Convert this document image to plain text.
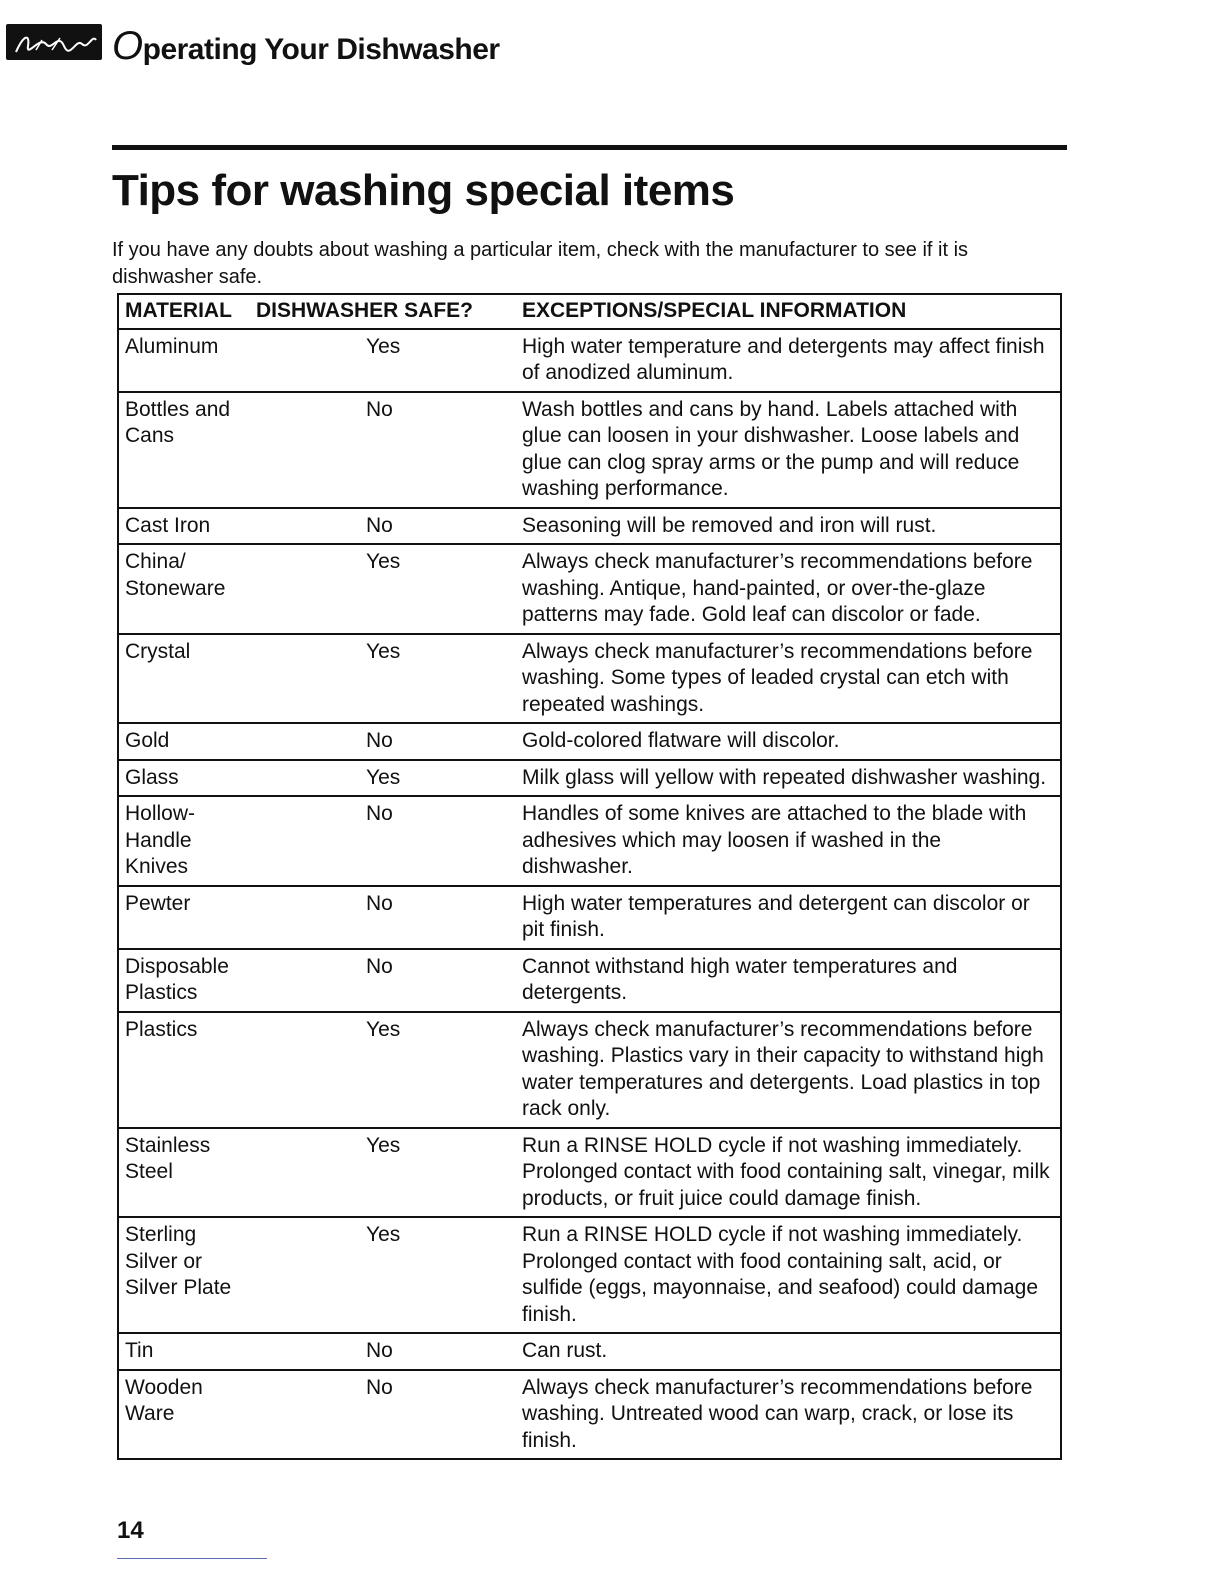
Operating Your Dishwasher
Tips for washing special items

If you have any doubts about washing a particular item, check with the manufacturer to see if it is dishwasher safe.

MATERIAL	DISHWASHER SAFE?	EXCEPTIONS/SPECIAL INFORMATION
Aluminum	Yes	High water temperature and detergents may affect finish of anodized aluminum.
Bottles and
Cans	No	Wash bottles and cans by hand. Labels attached with glue can loosen in your dishwasher. Loose labels and glue can clog spray arms or the pump and will reduce washing performance.
Cast Iron	No	Seasoning will be removed and iron will rust.
China/
Stoneware	Yes	Always check manufacturer’s recommendations before washing. Antique, hand-painted, or over-the-glaze patterns may fade. Gold leaf can discolor or fade.
Crystal	Yes	Always check manufacturer’s recommendations before washing. Some types of leaded crystal can etch with repeated washings.
Gold	No	Gold-colored flatware will discolor.
Glass	Yes	Milk glass will yellow with repeated dishwasher washing.
Hollow-
Handle
Knives	No	Handles of some knives are attached to the blade with adhesives which may loosen if washed in the dishwasher.
Pewter	No	High water temperatures and detergent can discolor or pit finish.
Disposable
Plastics	No	Cannot withstand high water temperatures and detergents.
Plastics	Yes	Always check manufacturer’s recommendations before washing. Plastics vary in their capacity to withstand high water temperatures and detergents. Load plastics in top rack only.
Stainless
Steel	Yes	Run a RINSE HOLD cycle if not washing immediately. Prolonged contact with food containing salt, vinegar, milk products, or fruit juice could damage finish.
Sterling
Silver or
Silver Plate	Yes	Run a RINSE HOLD cycle if not washing immediately. Prolonged contact with food containing salt, acid, or sulfide (eggs, mayonnaise, and seafood) could damage finish.
Tin	No	Can rust.
Wooden
Ware	No	Always check manufacturer’s recommendations before washing. Untreated wood can warp, crack, or lose its finish.
14
